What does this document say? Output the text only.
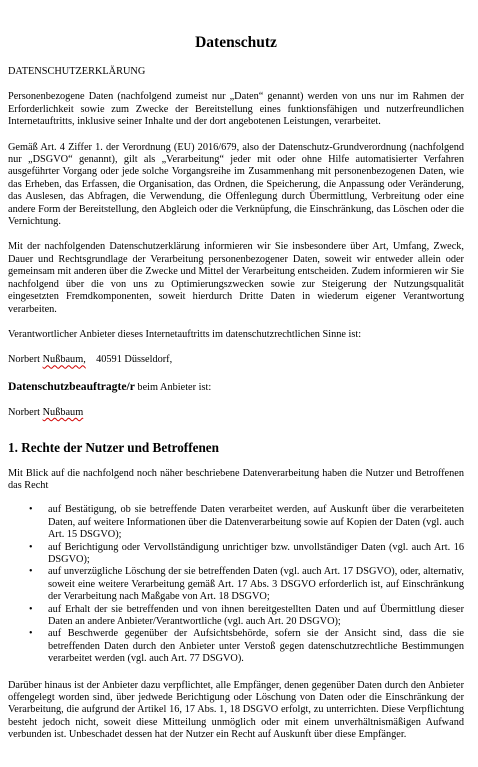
Datenschutz

DATENSCHUTZERKLÄRUNG

Personenbezogene Daten (nachfolgend zumeist nur „Daten“ genannt) werden von uns nur im Rahmen der Erforderlichkeit sowie zum Zwecke der Bereitstellung eines funktionsfähigen und nutzerfreundlichen Internetauftritts, inklusive seiner Inhalte und der dort angebotenen Leistungen, verarbeitet.

Gemäß Art. 4 Ziffer 1. der Verordnung (EU) 2016/679, also der Datenschutz-Grundverordnung (nachfolgend nur „DSGVO“ genannt), gilt als „Verarbeitung“ jeder mit oder ohne Hilfe automatisierter Verfahren ausgeführter Vorgang oder jede solche Vorgangsreihe im Zusammenhang mit personenbezogenen Daten, wie das Erheben, das Erfassen, die Organisation, das Ordnen, die Speicherung, die Anpassung oder Veränderung, das Auslesen, das Abfragen, die Verwendung, die Offenlegung durch Übermittlung, Verbreitung oder eine andere Form der Bereitstellung, den Abgleich oder die Verknüpfung, die Einschränkung, das Löschen oder die Vernichtung.

Mit der nachfolgenden Datenschutzerklärung informieren wir Sie insbesondere über Art, Umfang, Zweck, Dauer und Rechtsgrundlage der Verarbeitung personenbezogener Daten, soweit wir entweder allein oder gemeinsam mit anderen über die Zwecke und Mittel der Verarbeitung entscheiden. Zudem informieren wir Sie nachfolgend über die von uns zu Optimierungszwecken sowie zur Steigerung der Nutzungsqualität eingesetzten Fremdkomponenten, soweit hierdurch Dritte Daten in wiederum eigener Verantwortung verarbeiten.

Verantwortlicher Anbieter dieses Internetauftritts im datenschutzrechtlichen Sinne ist:

Norbert Nußbaum, 40591 Düsseldorf,

Datenschutzbeauftragte/r beim Anbieter ist:

Norbert Nußbaum

1. Rechte der Nutzer und Betroffenen

Mit Blick auf die nachfolgend noch näher beschriebene Datenverarbeitung haben die Nutzer und Betroffenen das Recht

• auf Bestätigung, ob sie betreffende Daten verarbeitet werden, auf Auskunft über die verarbeiteten Daten, auf weitere Informationen über die Datenverarbeitung sowie auf Kopien der Daten (vgl. auch Art. 15 DSGVO);
• auf Berichtigung oder Vervollständigung unrichtiger bzw. unvollständiger Daten (vgl. auch Art. 16 DSGVO);
• auf unverzügliche Löschung der sie betreffenden Daten (vgl. auch Art. 17 DSGVO), oder, alternativ, soweit eine weitere Verarbeitung gemäß Art. 17 Abs. 3 DSGVO erforderlich ist, auf Einschränkung der Verarbeitung nach Maßgabe von Art. 18 DSGVO;
• auf Erhalt der sie betreffenden und von ihnen bereitgestellten Daten und auf Übermittlung dieser Daten an andere Anbieter/Verantwortliche (vgl. auch Art. 20 DSGVO);
• auf Beschwerde gegenüber der Aufsichtsbehörde, sofern sie der Ansicht sind, dass die sie betreffenden Daten durch den Anbieter unter Verstoß gegen datenschutzrechtliche Bestimmungen verarbeitet werden (vgl. auch Art. 77 DSGVO).

Darüber hinaus ist der Anbieter dazu verpflichtet, alle Empfänger, denen gegenüber Daten durch den Anbieter offengelegt worden sind, über jedwede Berichtigung oder Löschung von Daten oder die Einschränkung der Verarbeitung, die aufgrund der Artikel 16, 17 Abs. 1, 18 DSGVO erfolgt, zu unterrichten. Diese Verpflichtung besteht jedoch nicht, soweit diese Mitteilung unmöglich oder mit einem unverhältnismäßigen Aufwand verbunden ist. Unbeschadet dessen hat der Nutzer ein Recht auf Auskunft über diese Empfänger.
